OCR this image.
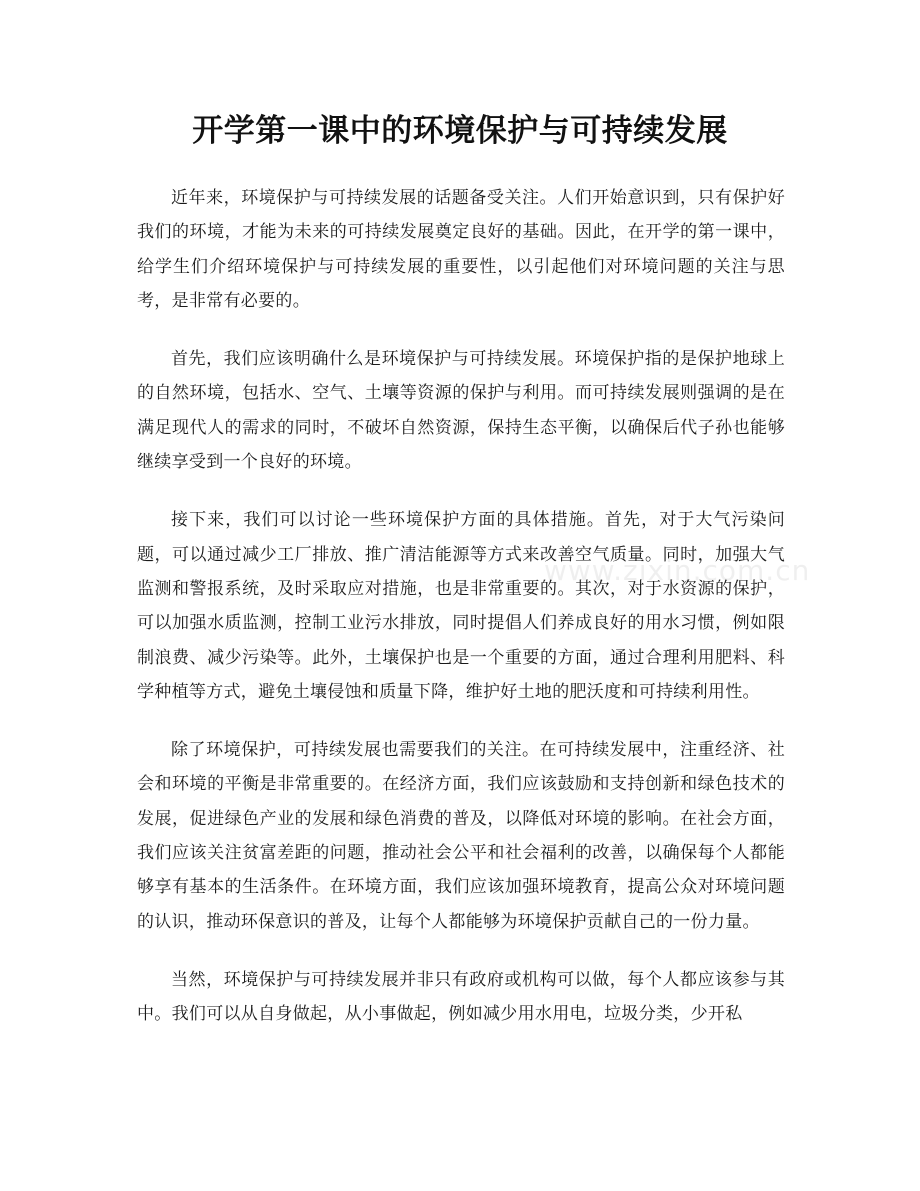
开学第一课中的环境保护与可持续发展

近年来，环境保护与可持续发展的话题备受关注。人们开始意识到，只有保护好我们的环境，才能为未来的可持续发展奠定良好的基础。因此，在开学的第一课中，给学生们介绍环境保护与可持续发展的重要性，以引起他们对环境问题的关注与思考，是非常有必要的。

首先，我们应该明确什么是环境保护与可持续发展。环境保护指的是保护地球上的自然环境，包括水、空气、土壤等资源的保护与利用。而可持续发展则强调的是在满足现代人的需求的同时，不破坏自然资源，保持生态平衡，以确保后代子孙也能够继续享受到一个良好的环境。

接下来，我们可以讨论一些环境保护方面的具体措施。首先，对于大气污染问题，可以通过减少工厂排放、推广清洁能源等方式来改善空气质量。同时，加强大气监测和警报系统，及时采取应对措施，也是非常重要的。其次，对于水资源的保护，可以加强水质监测，控制工业污水排放，同时提倡人们养成良好的用水习惯，例如限制浪费、减少污染等。此外，土壤保护也是一个重要的方面，通过合理利用肥料、科学种植等方式，避免土壤侵蚀和质量下降，维护好土地的肥沃度和可持续利用性。

除了环境保护，可持续发展也需要我们的关注。在可持续发展中，注重经济、社会和环境的平衡是非常重要的。在经济方面，我们应该鼓励和支持创新和绿色技术的发展，促进绿色产业的发展和绿色消费的普及，以降低对环境的影响。在社会方面，我们应该关注贫富差距的问题，推动社会公平和社会福利的改善，以确保每个人都能够享有基本的生活条件。在环境方面，我们应该加强环境教育，提高公众对环境问题的认识，推动环保意识的普及，让每个人都能够为环境保护贡献自己的一份力量。

当然，环境保护与可持续发展并非只有政府或机构可以做，每个人都应该参与其中。我们可以从自身做起，从小事做起，例如减少用水用电，垃圾分类，少开私

www.zixin.com.cn
